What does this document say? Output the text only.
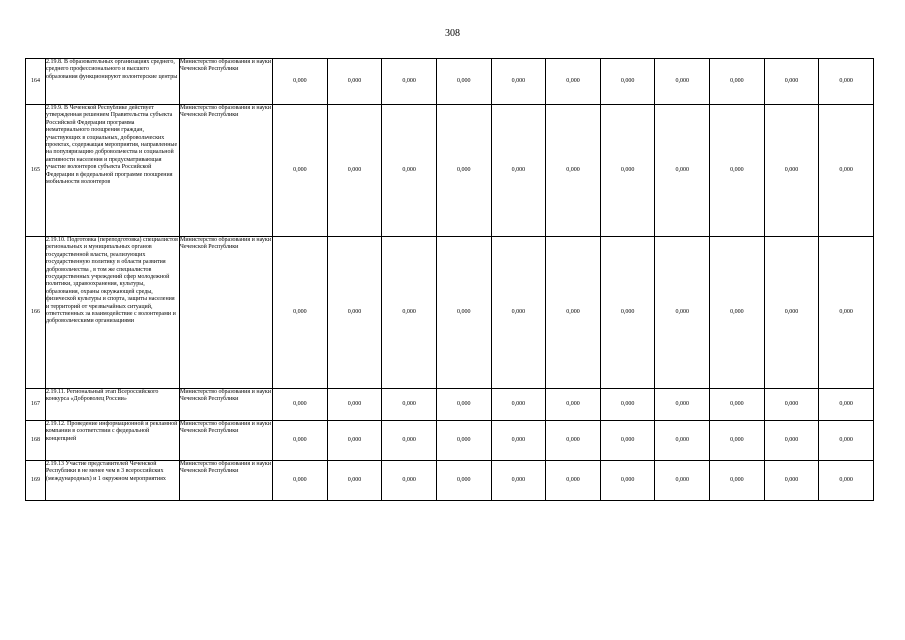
308
164	2.19.8. В образовательных организациях среднего, среднего профессионального и высшего образования функционируют волонтерские центры	Министерство образования и науки Чеченской Республики	0,000	0,000	0,000	0,000	0,000	0,000	0,000	0,000	0,000	0,000	0,000
165	2.19.9. В Чеченской Республике действует утвержденная решением Правительства субъекта Российской Федерации программа нематериального поощрения граждан, участвующих в социальных, добровольческих проектах, содержащая мероприятия, направленные на популяризацию добровольчества и социальной активности населения и предусматривающая участие волонтеров субъекта Российской Федерации в федеральной программе поощрения мобильности волонтеров	Министерство образования и науки Чеченской Республики	0,000	0,000	0,000	0,000	0,000	0,000	0,000	0,000	0,000	0,000	0,000
166	2.19.10. Подготовка (переподготовка) специалистов региональных и муниципальных органов государственной власти, реализующих государственную политику в области развития добровольчества , в том же специалистов государственных учреждений сфер молодежной политики, здравоохранения, культуры, образования, охраны окружающей среды, физической культуры и спорта, защиты населения и территорий от чрезвычайных ситуаций, ответственных за взаимодействие с волонтерами и добровольческими организациями	Министерство образования и науки Чеченской Республики	0,000	0,000	0,000	0,000	0,000	0,000	0,000	0,000	0,000	0,000	0,000
167	2.19.11. Региональный этап Всероссийского конкурса «Доброволец России»	Министерство образования и науки Чеченской Республики	0,000	0,000	0,000	0,000	0,000	0,000	0,000	0,000	0,000	0,000	0,000
168	2.19.12. Проведение информационной и рекламной компании в соответствии с федеральной концепцией	Министерство образования и науки Чеченской Республики	0,000	0,000	0,000	0,000	0,000	0,000	0,000	0,000	0,000	0,000	0,000
169	2.19.13 Участие представителей Чеченской Республики в не менее чем в 3 всероссийских (международных) и 1 окружном мероприятиях	Министерство образования и науки Чеченской Республики	0,000	0,000	0,000	0,000	0,000	0,000	0,000	0,000	0,000	0,000	0,000
